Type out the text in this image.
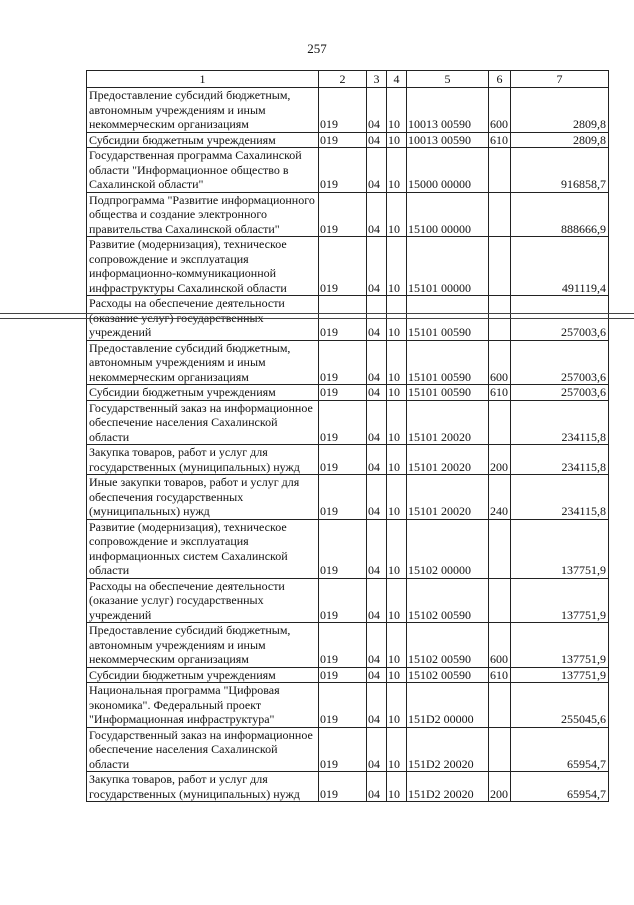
257
1	2	3	4	5	6	7
Предоставление субсидий бюджетным, автономным учреждениям и иным некоммерческим организациям	019	04	10	10013 00590	600	2809,8
Субсидии бюджетным учреждениям	019	04	10	10013 00590	610	2809,8
Государственная программа Сахалинской области "Информационное общество в Сахалинской области"	019	04	10	15000 00000		916858,7
Подпрограмма "Развитие информационного общества и создание электронного правительства Сахалинской области"	019	04	10	15100 00000		888666,9
Развитие (модернизация), техническое сопровождение и эксплуатация информационно-коммуникационной инфраструктуры Сахалинской области	019	04	10	15101 00000		491119,4
Расходы на обеспечение деятельности (оказание услуг) государственных учреждений	019	04	10	15101 00590		257003,6
Предоставление субсидий бюджетным, автономным учреждениям и иным некоммерческим организациям	019	04	10	15101 00590	600	257003,6
Субсидии бюджетным учреждениям	019	04	10	15101 00590	610	257003,6
Государственный заказ на информационное обеспечение населения Сахалинской области	019	04	10	15101 20020		234115,8
Закупка товаров, работ и услуг для государственных (муниципальных) нужд	019	04	10	15101 20020	200	234115,8
Иные закупки товаров, работ и услуг для обеспечения государственных (муниципальных) нужд	019	04	10	15101 20020	240	234115,8
Развитие (модернизация), техническое сопровождение и эксплуатация информационных систем Сахалинской области	019	04	10	15102 00000		137751,9
Расходы на обеспечение деятельности (оказание услуг) государственных учреждений	019	04	10	15102 00590		137751,9
Предоставление субсидий бюджетным, автономным учреждениям и иным некоммерческим организациям	019	04	10	15102 00590	600	137751,9
Субсидии бюджетным учреждениям	019	04	10	15102 00590	610	137751,9
Национальная программа "Цифровая экономика". Федеральный проект "Информационная инфраструктура"	019	04	10	151D2 00000		255045,6
Государственный заказ на информационное обеспечение населения Сахалинской области	019	04	10	151D2 20020		65954,7
Закупка товаров, работ и услуг для государственных (муниципальных) нужд	019	04	10	151D2 20020	200	65954,7
